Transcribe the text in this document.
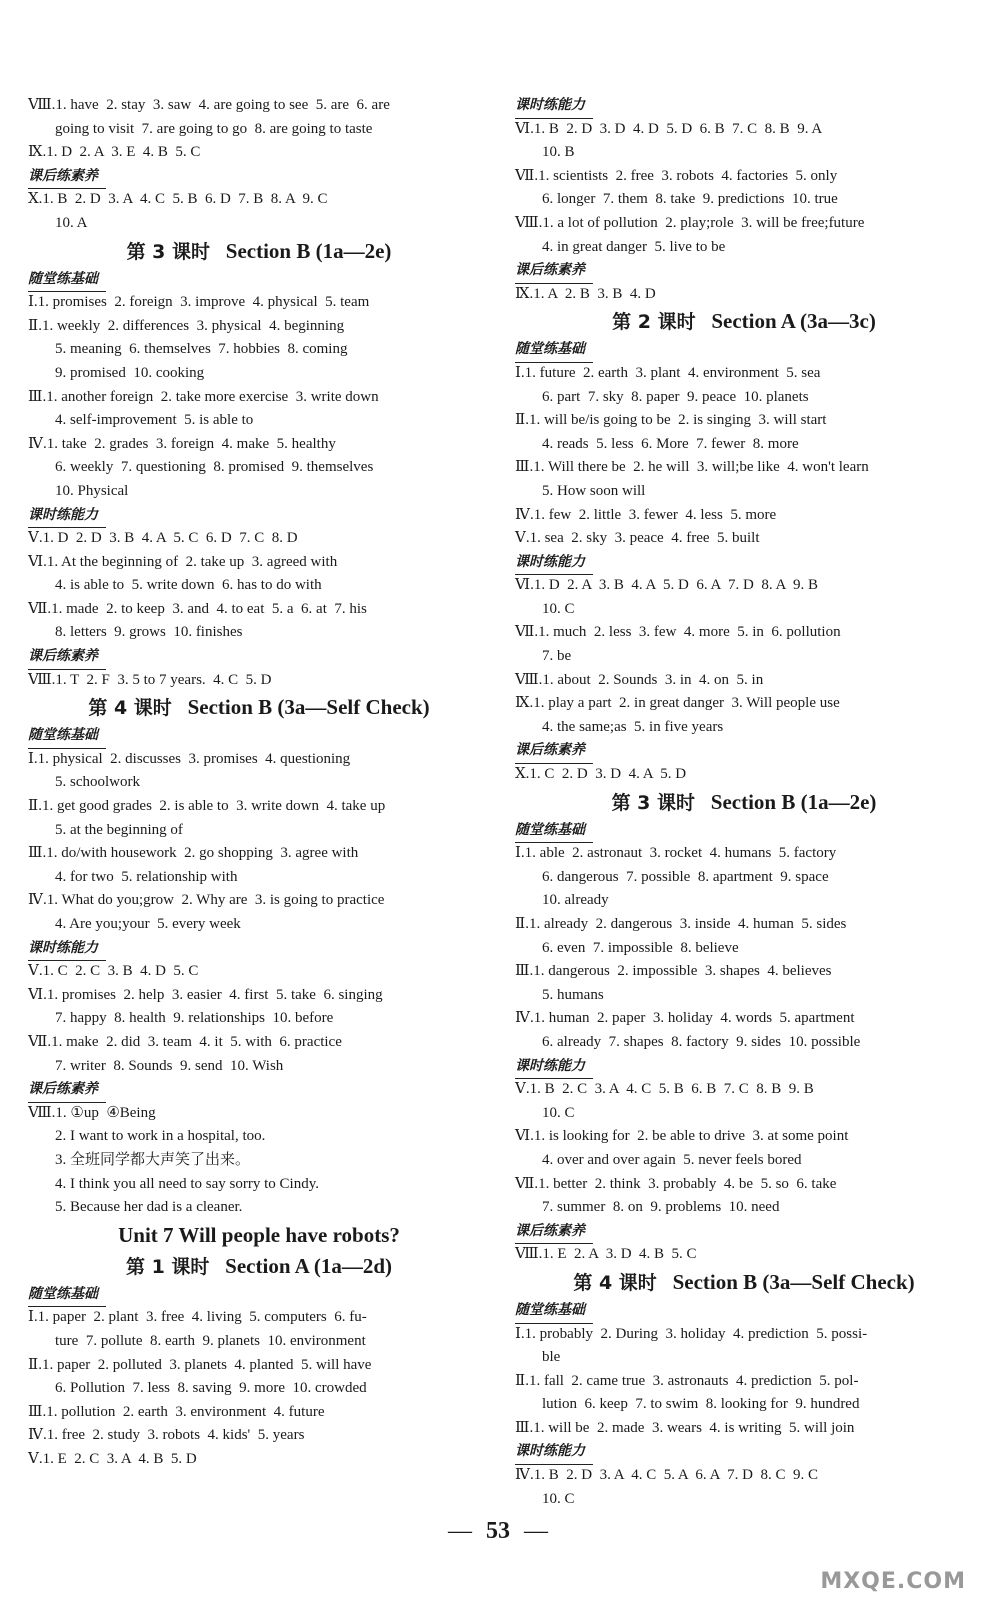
Ⅷ.1. have  2. stay  3. saw  4. are going to see  5. are  6. are
going to visit  7. are going to go  8. are going to taste
Ⅸ.1. D  2. A  3. E  4. B  5. C
课后练素养
Ⅹ.1. B  2. D  3. A  4. C  5. B  6. D  7. B  8. A  9. C
10. A
第 3 课时 Section B (1a—2e)
随堂练基础
Ⅰ.1. promises  2. foreign  3. improve  4. physical  5. team
Ⅱ.1. weekly  2. differences  3. physical  4. beginning
5. meaning  6. themselves  7. hobbies  8. coming
9. promised  10. cooking
Ⅲ.1. another foreign  2. take more exercise  3. write down
4. self-improvement  5. is able to
Ⅳ.1. take  2. grades  3. foreign  4. make  5. healthy
6. weekly  7. questioning  8. promised  9. themselves
10. Physical
课时练能力
Ⅴ.1. D  2. D  3. B  4. A  5. C  6. D  7. C  8. D
Ⅵ.1. At the beginning of  2. take up  3. agreed with
4. is able to  5. write down  6. has to do with
Ⅶ.1. made  2. to keep  3. and  4. to eat  5. a  6. at  7. his
8. letters  9. grows  10. finishes
课后练素养
Ⅷ.1. T  2. F  3. 5 to 7 years.  4. C  5. D
第 4 课时 Section B (3a—Self Check)
随堂练基础
Ⅰ.1. physical  2. discusses  3. promises  4. questioning
5. schoolwork
Ⅱ.1. get good grades  2. is able to  3. write down  4. take up
5. at the beginning of
Ⅲ.1. do/with housework  2. go shopping  3. agree with
4. for two  5. relationship with
Ⅳ.1. What do you;grow  2. Why are  3. is going to practice
4. Are you;your  5. every week
课时练能力
Ⅴ.1. C  2. C  3. B  4. D  5. C
Ⅵ.1. promises  2. help  3. easier  4. first  5. take  6. singing
7. happy  8. health  9. relationships  10. before
Ⅶ.1. make  2. did  3. team  4. it  5. with  6. practice
7. writer  8. Sounds  9. send  10. Wish
课后练素养
Ⅷ.1. ①up  ④Being
2. I want to work in a hospital, too.
3. 全班同学都大声笑了出来。
4. I think you all need to say sorry to Cindy.
5. Because her dad is a cleaner.
Unit 7 Will people have robots?
第 1 课时 Section A (1a—2d)
随堂练基础
Ⅰ.1. paper  2. plant  3. free  4. living  5. computers  6. fu-
ture  7. pollute  8. earth  9. planets  10. environment
Ⅱ.1. paper  2. polluted  3. planets  4. planted  5. will have
6. Pollution  7. less  8. saving  9. more  10. crowded
Ⅲ.1. pollution  2. earth  3. environment  4. future
Ⅳ.1. free  2. study  3. robots  4. kids'  5. years
Ⅴ.1. E  2. C  3. A  4. B  5. D
课时练能力
Ⅵ.1. B  2. D  3. D  4. D  5. D  6. B  7. C  8. B  9. A
10. B
Ⅶ.1. scientists  2. free  3. robots  4. factories  5. only
6. longer  7. them  8. take  9. predictions  10. true
Ⅷ.1. a lot of pollution  2. play;role  3. will be free;future
4. in great danger  5. live to be
课后练素养
Ⅸ.1. A  2. B  3. B  4. D
第 2 课时 Section A (3a—3c)
随堂练基础
Ⅰ.1. future  2. earth  3. plant  4. environment  5. sea
6. part  7. sky  8. paper  9. peace  10. planets
Ⅱ.1. will be/is going to be  2. is singing  3. will start
4. reads  5. less  6. More  7. fewer  8. more
Ⅲ.1. Will there be  2. he will  3. will;be like  4. won't learn
5. How soon will
Ⅳ.1. few  2. little  3. fewer  4. less  5. more
Ⅴ.1. sea  2. sky  3. peace  4. free  5. built
课时练能力
Ⅵ.1. D  2. A  3. B  4. A  5. D  6. A  7. D  8. A  9. B
10. C
Ⅶ.1. much  2. less  3. few  4. more  5. in  6. pollution
7. be
Ⅷ.1. about  2. Sounds  3. in  4. on  5. in
Ⅸ.1. play a part  2. in great danger  3. Will people use
4. the same;as  5. in five years
课后练素养
Ⅹ.1. C  2. D  3. D  4. A  5. D
第 3 课时 Section B (1a—2e)
随堂练基础
Ⅰ.1. able  2. astronaut  3. rocket  4. humans  5. factory
6. dangerous  7. possible  8. apartment  9. space
10. already
Ⅱ.1. already  2. dangerous  3. inside  4. human  5. sides
6. even  7. impossible  8. believe
Ⅲ.1. dangerous  2. impossible  3. shapes  4. believes
5. humans
Ⅳ.1. human  2. paper  3. holiday  4. words  5. apartment
6. already  7. shapes  8. factory  9. sides  10. possible
课时练能力
Ⅴ.1. B  2. C  3. A  4. C  5. B  6. B  7. C  8. B  9. B
10. C
Ⅵ.1. is looking for  2. be able to drive  3. at some point
4. over and over again  5. never feels bored
Ⅶ.1. better  2. think  3. probably  4. be  5. so  6. take
7. summer  8. on  9. problems  10. need
课后练素养
Ⅷ.1. E  2. A  3. D  4. B  5. C
第 4 课时 Section B (3a—Self Check)
随堂练基础
Ⅰ.1. probably  2. During  3. holiday  4. prediction  5. possi-
ble
Ⅱ.1. fall  2. came true  3. astronauts  4. prediction  5. pol-
lution  6. keep  7. to swim  8. looking for  9. hundred
Ⅲ.1. will be  2. made  3. wears  4. is writing  5. will join
课时练能力
Ⅳ.1. B  2. D  3. A  4. C  5. A  6. A  7. D  8. C  9. C
10. C
— 53 —
MXQE.COM
